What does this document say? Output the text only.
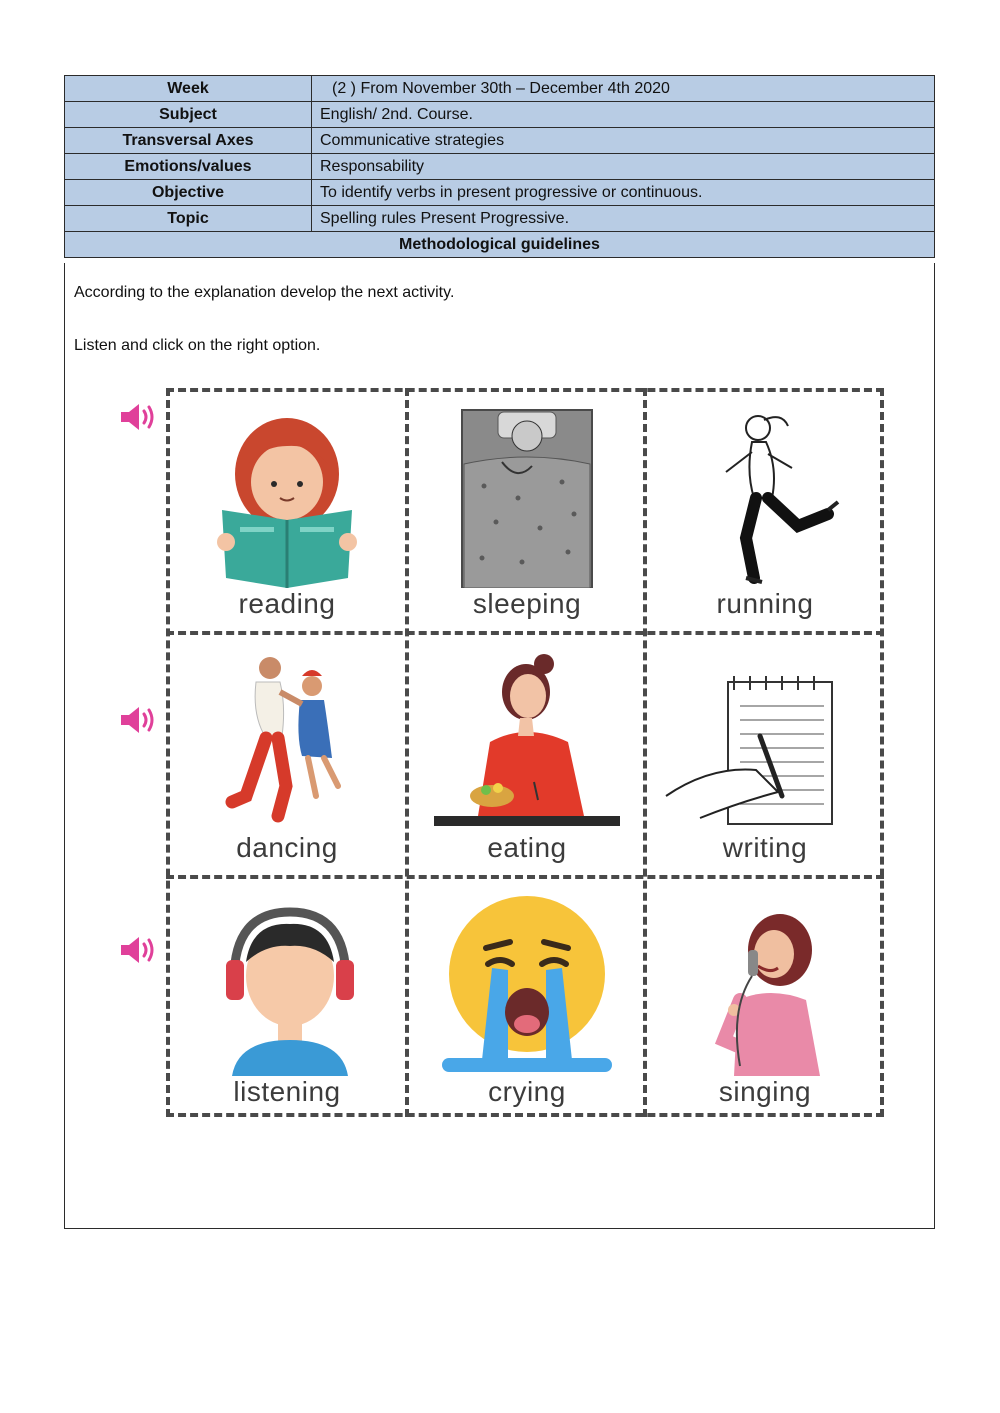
Week	(2 ) From November 30th – December 4th 2020
Subject	English/ 2nd. Course.
Transversal Axes	Communicative strategies
Emotions/values	Responsability
Objective	To identify verbs in present progressive or continuous.
Topic	Spelling rules Present Progressive.
Methodological guidelines
According to the explanation develop the next activity.
Listen and click on the right option.
reading	sleeping	running
dancing	eating	writing
listening	crying	singing
